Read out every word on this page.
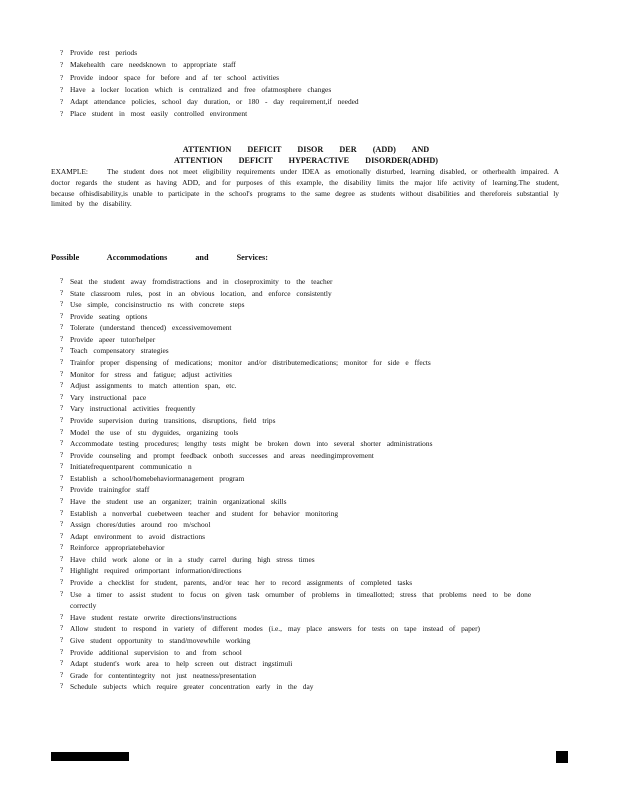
? Provide rest periods
? Makehealth care needsknown to appropriate staff
? Provide indoor space for before and af ter school activities
? Have a locker location which is centralized and free ofatmosphere changes
? Adapt attendance policies, school day duration, or 180 - day requirement,if needed
? Place student in most easily controlled environment
ATTENTION DEFICIT DISOR DER (ADD) AND
ATTENTION DEFICIT HYPERACTIVE DISORDER(ADHD)

EXAMPLE:	The student does not meet eligibility requirements under IDEA as emotionally disturbed, learning disabled, or otherhealth impaired. A doctor regards the student as having ADD, and for purposes of this example, the disability limits the major life activity of learning.The student, because ofhisdisability,is unable to participate in the school's programs to the same degree as students without disabilities and thereforeis substantial ly limited by the disability.

Possible Accommodations and Services:
? Seat the student away fromdistractions and in closeproximity to the teacher
? State classroom rules, post in an obvious location, and enforce consistently
? Use simple, concisinstructio ns with concrete steps
? Provide seating options
? Tolerate (understand thenced) excessivemovement
? Provide apeer tutor/helper
? Teach compensatory strategies
? Trainfor proper dispensing of medications; monitor and/or distributemedications; monitor for side e ffects
? Monitor for stress and fatigue; adjust activities
? Adjust assignments to match attention span, etc.
? Vary instructional pace
? Vary instructional activities frequently
? Provide supervision during transitions, disruptions, field trips
? Model the use of stu dyguides, organizing tools
? Accommodate testing procedures; lengthy tests might be broken down into several shorter administrations
? Provide counseling and prompt feedback onboth successes and areas needingimprovement
? Initiatefrequentparent communicatio n
? Establish a school/homebehaviormanagement program
? Provide trainingfor staff
? Have the student use an organizer; trainin organizational skills
? Establish a nonverbal cuebetween teacher and student for behavior monitoring
? Assign chores/duties around roo m/school
? Adapt environment to avoid distractions
? Reinforce appropriatebehavior
? Have child work alone or in a study carrel during high stress times
? Highlight required orimportant information/directions
? Provide a checklist for student, parents, and/or teac her to record assignments of completed tasks
? Use a timer to assist student to focus on given task ornumber of problems in timeallotted; stress that problems need to be done correctly
? Have student restate orwrite directions/instructions
? Allow student to respond in variety of different modes (i.e., may place answers for tests on tape instead of paper)
? Give student opportunity to stand/movewhile working
? Provide additional supervision to and from school
? Adapt student's work area to help screen out distract ingstimuli
? Grade for contentintegrity not just neatness/presentation
? Schedule subjects which require greater concentration early in the day
